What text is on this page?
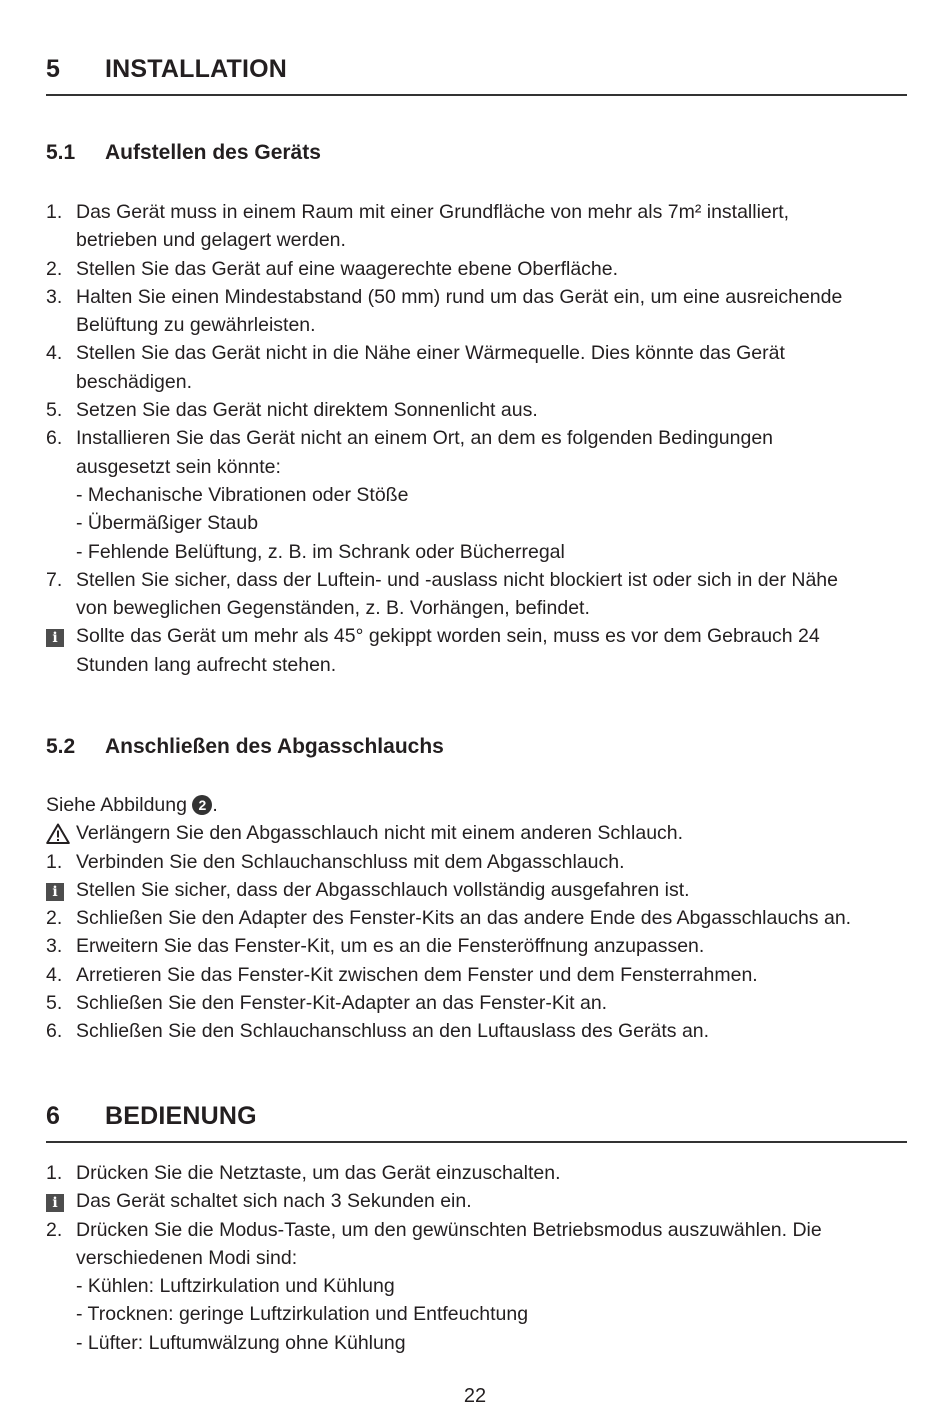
5 INSTALLATION
5.1 Aufstellen des Geräts
1. Das Gerät muss in einem Raum mit einer Grundfläche von mehr als 7m² installiert,
betrieben und gelagert werden.
2. Stellen Sie das Gerät auf eine waagerechte ebene Oberfläche.
3. Halten Sie einen Mindestabstand (50 mm) rund um das Gerät ein, um eine ausreichende
Belüftung zu gewährleisten.
4. Stellen Sie das Gerät nicht in die Nähe einer Wärmequelle. Dies könnte das Gerät
beschädigen.
5. Setzen Sie das Gerät nicht direktem Sonnenlicht aus.
6. Installieren Sie das Gerät nicht an einem Ort, an dem es folgenden Bedingungen
ausgesetzt sein könnte:
- Mechanische Vibrationen oder Stöße
- Übermäßiger Staub
- Fehlende Belüftung, z. B. im Schrank oder Bücherregal
7. Stellen Sie sicher, dass der Luftein- und -auslass nicht blockiert ist oder sich in der Nähe
von beweglichen Gegenständen, z. B. Vorhängen, befindet.
i Sollte das Gerät um mehr als 45° gekippt worden sein, muss es vor dem Gebrauch 24
Stunden lang aufrecht stehen.
5.2 Anschließen des Abgasschlauchs
Siehe Abbildung 2 .
Verlängern Sie den Abgasschlauch nicht mit einem anderen Schlauch.
1. Verbinden Sie den Schlauchanschluss mit dem Abgasschlauch.
i Stellen Sie sicher, dass der Abgasschlauch vollständig ausgefahren ist.
2. Schließen Sie den Adapter des Fenster-Kits an das andere Ende des Abgasschlauchs an.
3. Erweitern Sie das Fenster-Kit, um es an die Fensteröffnung anzupassen.
4. Arretieren Sie das Fenster-Kit zwischen dem Fenster und dem Fensterrahmen.
5. Schließen Sie den Fenster-Kit-Adapter an das Fenster-Kit an.
6. Schließen Sie den Schlauchanschluss an den Luftauslass des Geräts an.
6 BEDIENUNG
1. Drücken Sie die Netztaste, um das Gerät einzuschalten.
i Das Gerät schaltet sich nach 3 Sekunden ein.
2. Drücken Sie die Modus-Taste, um den gewünschten Betriebsmodus auszuwählen. Die
verschiedenen Modi sind:
- Kühlen: Luftzirkulation und Kühlung
- Trocknen: geringe Luftzirkulation und Entfeuchtung
- Lüfter: Luftumwälzung ohne Kühlung
22
